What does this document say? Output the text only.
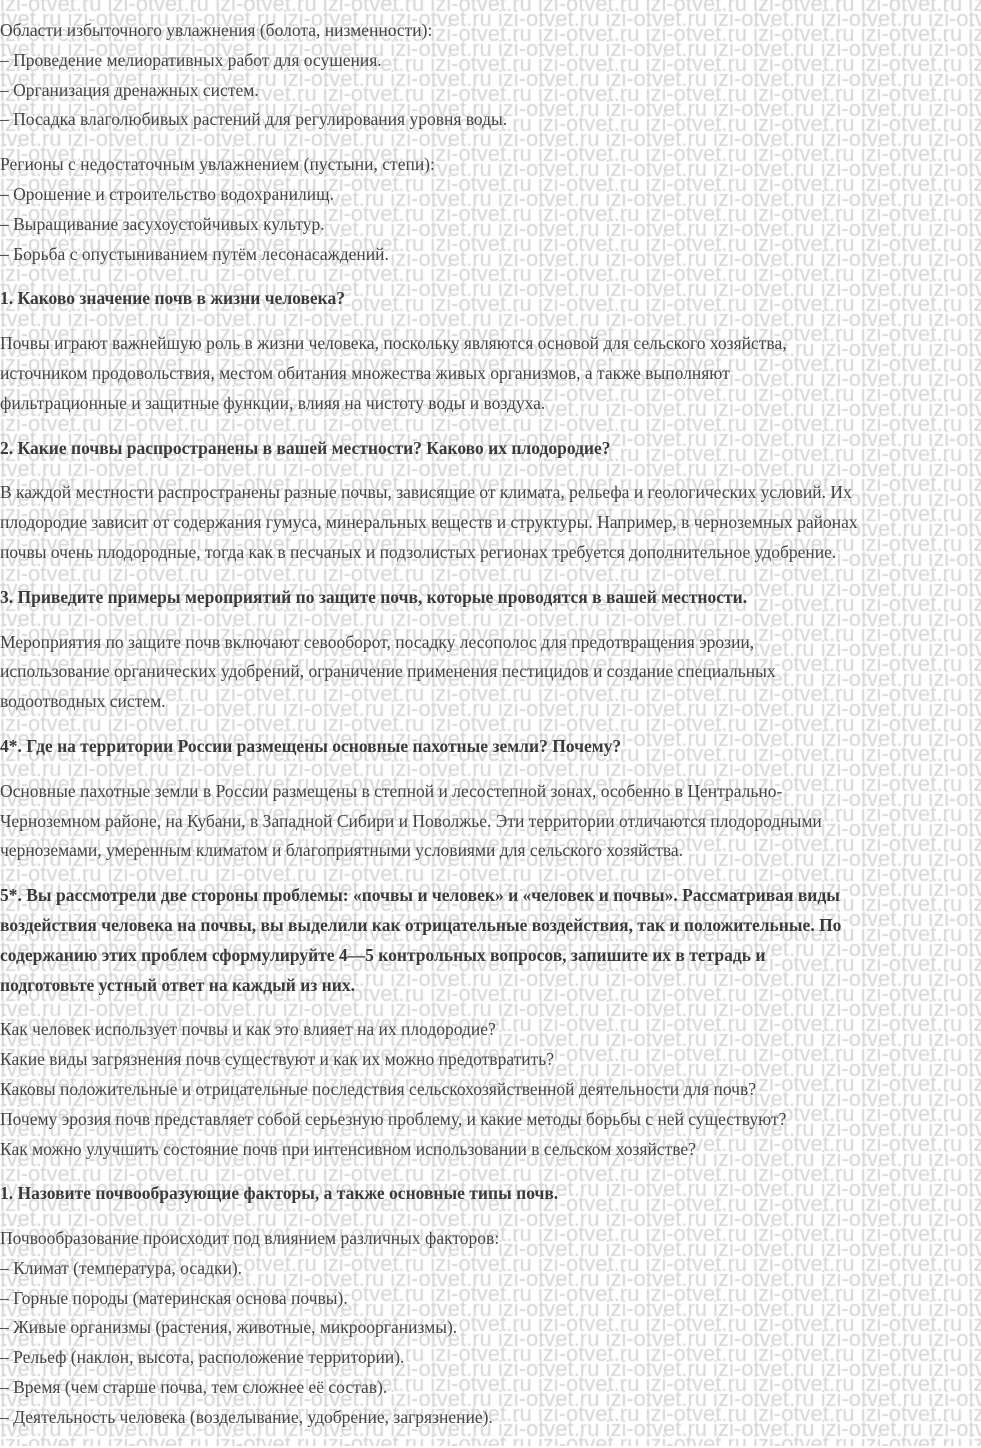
Области избыточного увлажнения (болота, низменности):
– Проведение мелиоративных работ для осушения.
– Организация дренажных систем.
– Посадка влаголюбивых растений для регулирования уровня воды.
Регионы с недостаточным увлажнением (пустыни, степи):
– Орошение и строительство водохранилищ.
– Выращивание засухоустойчивых культур.
– Борьба с опустыниванием путём лесонасаждений.
1. Каково значение почв в жизни человека?
Почвы играют важнейшую роль в жизни человека, поскольку являются основой для сельского хозяйства,
источником продовольствия, местом обитания множества живых организмов, а также выполняют
фильтрационные и защитные функции, влияя на чистоту воды и воздуха.
2. Какие почвы распространены в вашей местности? Каково их плодородие?
В каждой местности распространены разные почвы, зависящие от климата, рельефа и геологических условий. Их
плодородие зависит от содержания гумуса, минеральных веществ и структуры. Например, в черноземных районах
почвы очень плодородные, тогда как в песчаных и подзолистых регионах требуется дополнительное удобрение.
3. Приведите примеры мероприятий по защите почв, которые проводятся в вашей местности.
Мероприятия по защите почв включают севооборот, посадку лесополос для предотвращения эрозии,
использование органических удобрений, ограничение применения пестицидов и создание специальных
водоотводных систем.
4*. Где на территории России размещены основные пахотные земли? Почему?
Основные пахотные земли в России размещены в степной и лесостепной зонах, особенно в Центрально-
Черноземном районе, на Кубани, в Западной Сибири и Поволжье. Эти территории отличаются плодородными
черноземами, умеренным климатом и благоприятными условиями для сельского хозяйства.
5*. Вы рассмотрели две стороны проблемы: «почвы и человек» и «человек и почвы». Рассматривая виды
воздействия человека на почвы, вы выделили как отрицательные воздействия, так и положительные. По
содержанию этих проблем сформулируйте 4—5 контрольных вопросов, запишите их в тетрадь и
подготовьте устный ответ на каждый из них.
Как человек использует почвы и как это влияет на их плодородие?
Какие виды загрязнения почв существуют и как их можно предотвратить?
Каковы положительные и отрицательные последствия сельскохозяйственной деятельности для почв?
Почему эрозия почв представляет собой серьезную проблему, и какие методы борьбы с ней существуют?
Как можно улучшить состояние почв при интенсивном использовании в сельском хозяйстве?
1. Назовите почвообразующие факторы, а также основные типы почв.
Почвообразование происходит под влиянием различных факторов:
– Климат (температура, осадки).
– Горные породы (материнская основа почвы).
– Живые организмы (растения, животные, микроорганизмы).
– Рельеф (наклон, высота, расположение территории).
– Время (чем старше почва, тем сложнее её состав).
– Деятельность человека (возделывание, удобрение, загрязнение).
